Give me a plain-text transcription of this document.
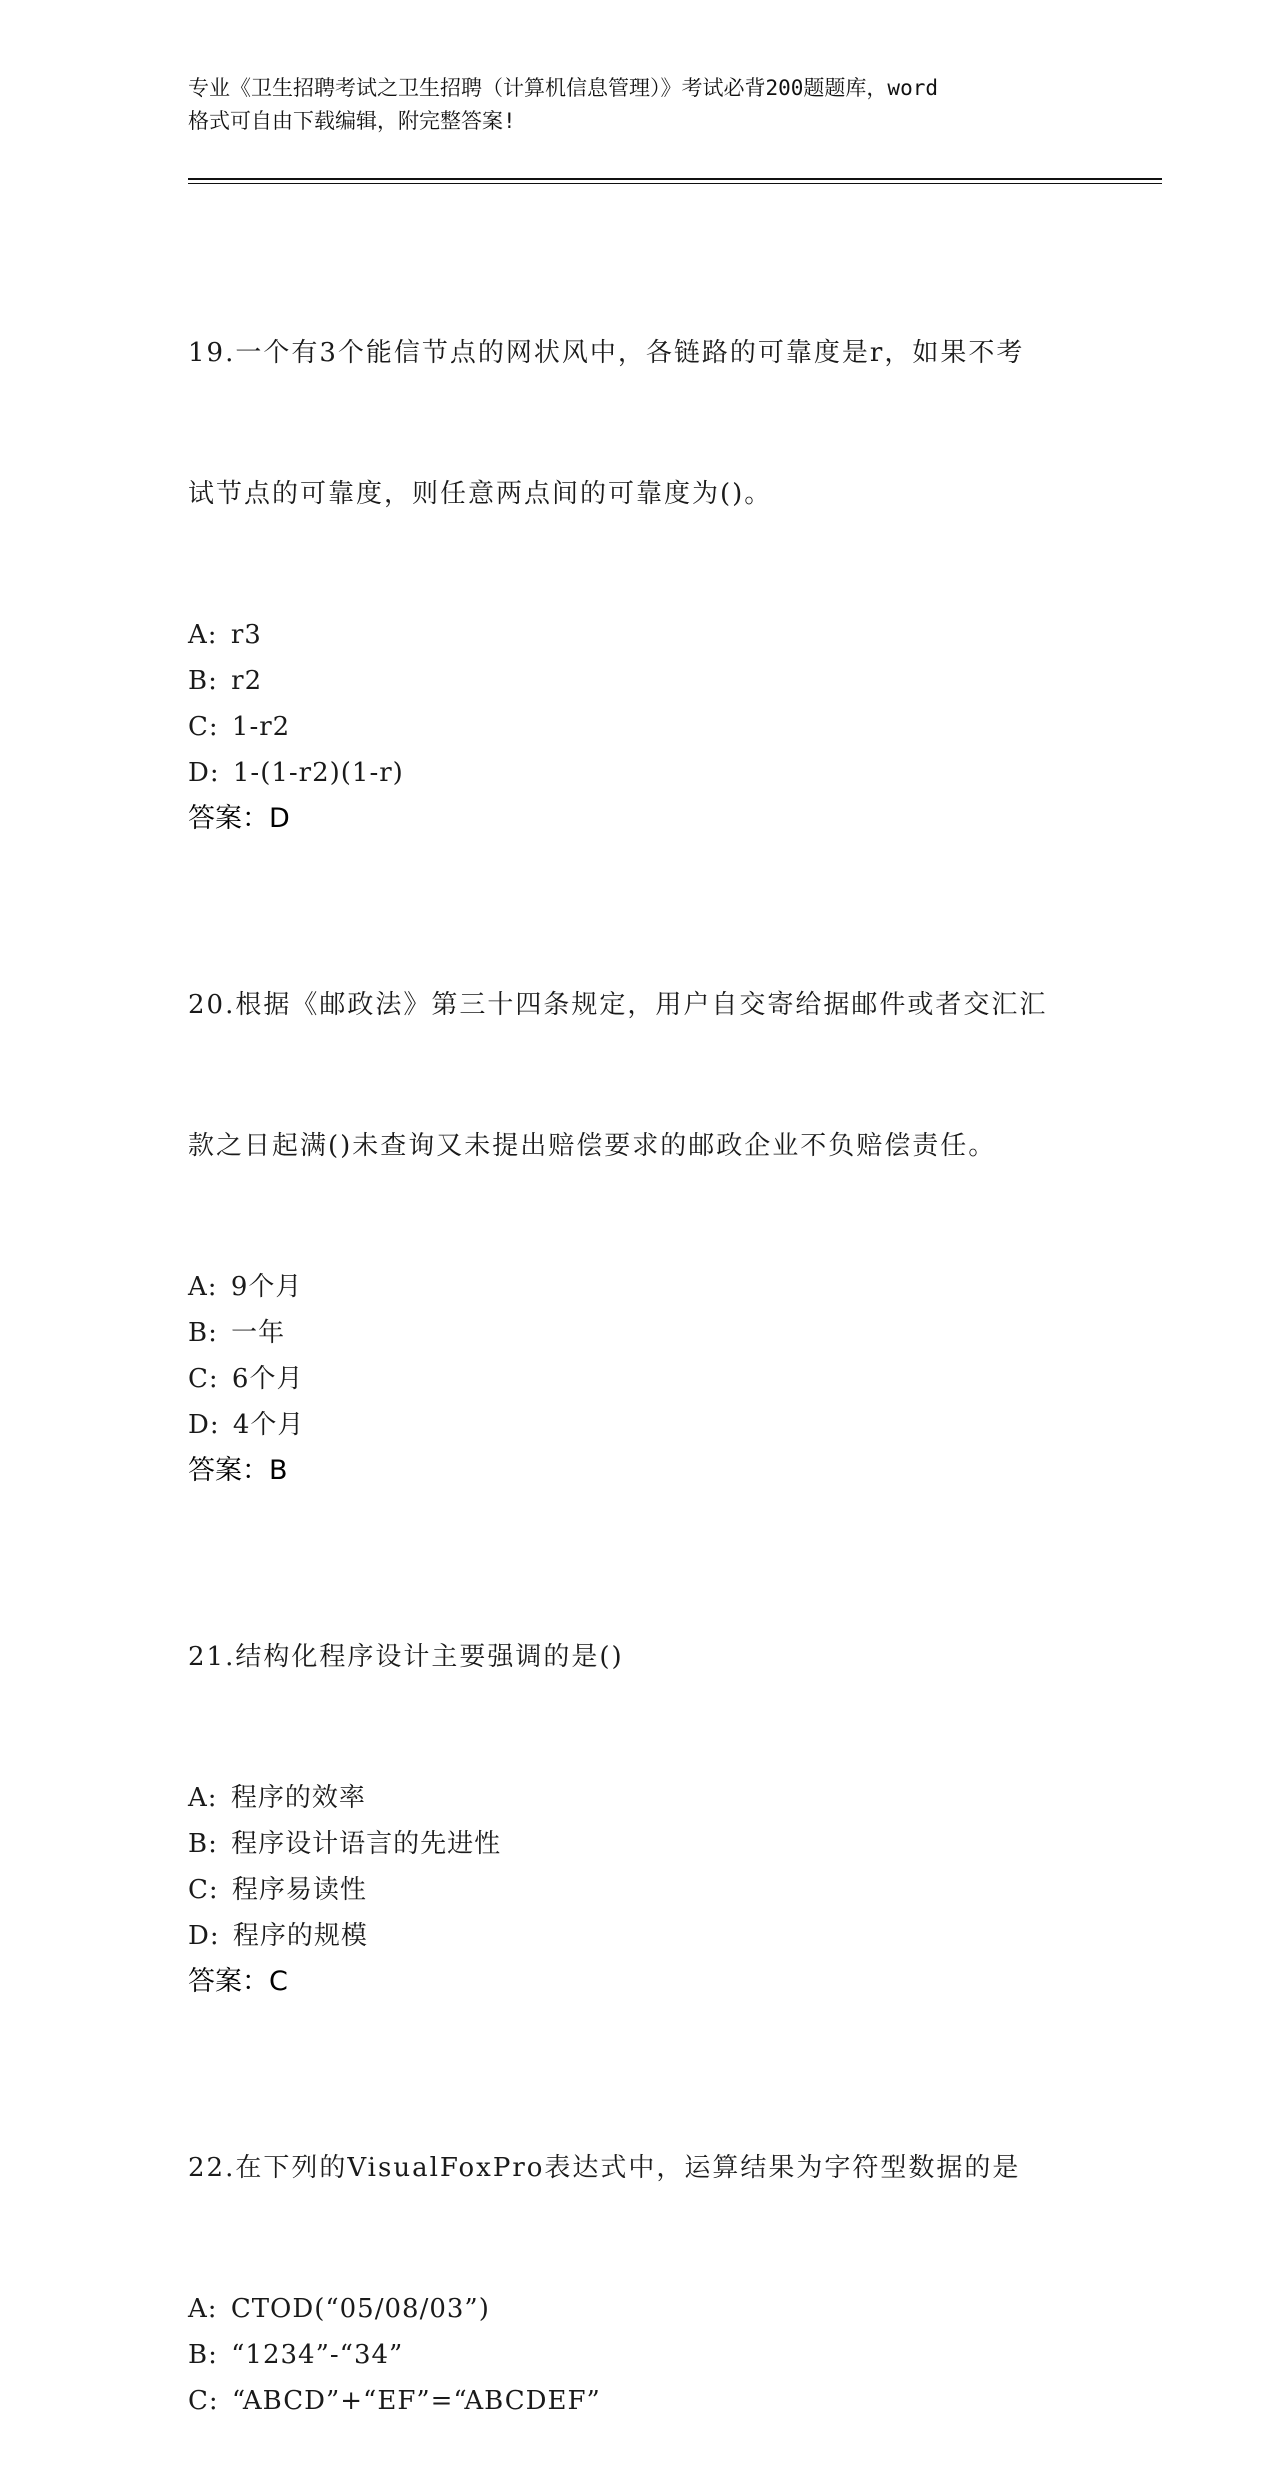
专业《卫生招聘考试之卫生招聘（计算机信息管理）》考试必背200题题库，word
格式可自由下载编辑，附完整答案!

19.一个有3个能信节点的网状风中，各链路的可靠度是r，如果不考

试节点的可靠度，则任意两点间的可靠度为()。

A: r3
B: r2
C: 1-r2
D: 1-(1-r2)(1-r)
答案：D

20.根据《邮政法》第三十四条规定，用户自交寄给据邮件或者交汇汇

款之日起满()未查询又未提出赔偿要求的邮政企业不负赔偿责任。

A: 9个月
B: 一年
C: 6个月
D: 4个月
答案：B

21.结构化程序设计主要强调的是()

A: 程序的效率
B: 程序设计语言的先进性
C: 程序易读性
D: 程序的规模
答案：C

22.在下列的VisualFoxPro表达式中，运算结果为字符型数据的是

A: CTOD(“05/08/03”)
B: “1234”-“34”
C: “ABCD”+“EF”=“ABCDEF”
